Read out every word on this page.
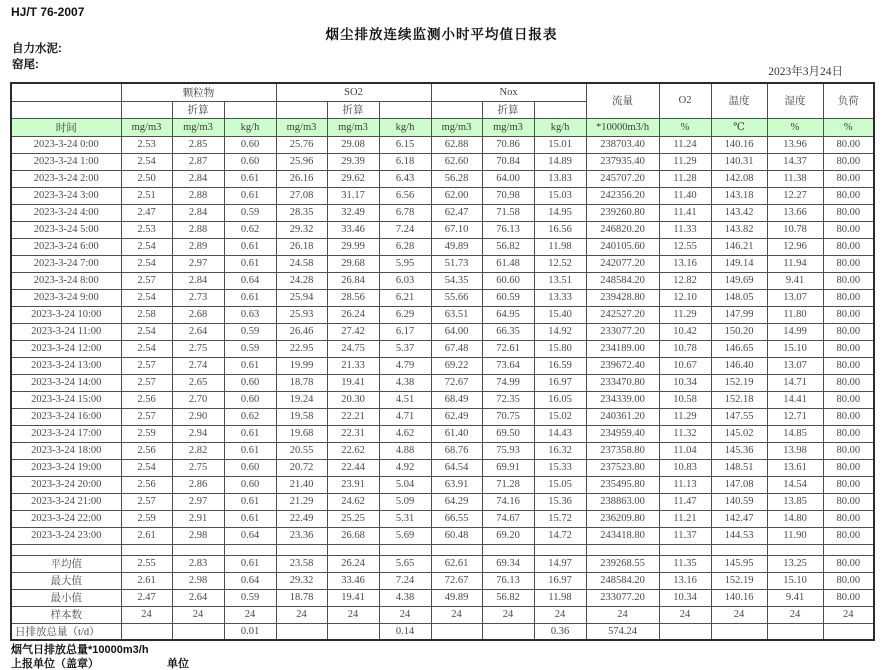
HJ/T 76-2007
烟尘排放连续监测小时平均值日报表
自力水泥:
窑尾:
2023年3月24日
	颗粒物			SO2			Nox			流量	O2	温度	湿度	负荷
		折算			折算			折算						
时间	mg/m3	mg/m3	kg/h	mg/m3	mg/m3	kg/h	mg/m3	mg/m3	kg/h	*10000m3/h	%	℃	%	%
2023-3-24 0:00	2.53	2.85	0.60	25.76	29.08	6.15	62.88	70.86	15.01	238703.40	11.24	140.16	13.96	80.00
2023-3-24 1:00	2.54	2.87	0.60	25.96	29.39	6.18	62.60	70.84	14.89	237935.40	11.29	140.31	14.37	80.00
2023-3-24 2:00	2.50	2.84	0.61	26.16	29.62	6.43	56.28	64.00	13.83	245707.20	11.28	142.08	11.38	80.00
2023-3-24 3:00	2.51	2.88	0.61	27.08	31.17	6.56	62.00	70.98	15.03	242356.20	11.40	143.18	12.27	80.00
2023-3-24 4:00	2.47	2.84	0.59	28.35	32.49	6.78	62.47	71.58	14.95	239260.80	11.41	143.42	13.66	80.00
2023-3-24 5:00	2.53	2.88	0.62	29.32	33.46	7.24	67.10	76.13	16.56	246820.20	11.33	143.82	10.78	80.00
2023-3-24 6:00	2.54	2.89	0.61	26.18	29.99	6.28	49.89	56.82	11.98	240105.60	12.55	146.21	12.96	80.00
2023-3-24 7:00	2.54	2.97	0.61	24.58	29.68	5.95	51.73	61.48	12.52	242077.20	13.16	149.14	11.94	80.00
2023-3-24 8:00	2.57	2.84	0.64	24.28	26.84	6.03	54.35	60.60	13.51	248584.20	12.82	149.69	9.41	80.00
2023-3-24 9:00	2.54	2.73	0.61	25.94	28.56	6.21	55.66	60.59	13.33	239428.80	12.10	148.05	13.07	80.00
2023-3-24 10:00	2.58	2.68	0.63	25.93	26.24	6.29	63.51	64.95	15.40	242527.20	11.29	147.99	11.80	80.00
2023-3-24 11:00	2.54	2.64	0.59	26.46	27.42	6.17	64.00	66.35	14.92	233077.20	10.42	150.20	14.99	80.00
2023-3-24 12:00	2.54	2.75	0.59	22.95	24.75	5.37	67.48	72.61	15.80	234189.00	10.78	146.65	15.10	80.00
2023-3-24 13:00	2.57	2.74	0.61	19.99	21.33	4.79	69.22	73.64	16.59	239672.40	10.67	146.40	13.07	80.00
2023-3-24 14:00	2.57	2.65	0.60	18.78	19.41	4.38	72.67	74.99	16.97	233470.80	10.34	152.19	14.71	80.00
2023-3-24 15:00	2.56	2.70	0.60	19.24	20.30	4.51	68.49	72.35	16.05	234339.00	10.58	152.18	14.41	80.00
2023-3-24 16:00	2.57	2.90	0.62	19.58	22.21	4.71	62.49	70.75	15.02	240361.20	11.29	147.55	12.71	80.00
2023-3-24 17:00	2.59	2.94	0.61	19.68	22.31	4.62	61.40	69.50	14.43	234959.40	11.32	145.02	14.85	80.00
2023-3-24 18:00	2.56	2.82	0.61	20.55	22.62	4.88	68.76	75.93	16.32	237358.80	11.04	145.36	13.98	80.00
2023-3-24 19:00	2.54	2.75	0.60	20.72	22.44	4.92	64.54	69.91	15.33	237523.80	10.83	148.51	13.61	80.00
2023-3-24 20:00	2.56	2.86	0.60	21.40	23.91	5.04	63.91	71.28	15.05	235495.80	11.13	147.08	14.54	80.00
2023-3-24 21:00	2.57	2.97	0.61	21.29	24.62	5.09	64.29	74.16	15.36	238863.00	11.47	140.59	13.85	80.00
2023-3-24 22:00	2.59	2.91	0.61	22.49	25.25	5.31	66.55	74.67	15.72	236209.80	11.21	142.47	14.80	80.00
2023-3-24 23:00	2.61	2.98	0.64	23.36	26.68	5.69	60.48	69.20	14.72	243418.80	11.37	144.53	11.90	80.00

平均值	2.55	2.83	0.61	23.58	26.24	5.65	62.61	69.34	14.97	239268.55	11.35	145.95	13.25	80.00
最大值	2.61	2.98	0.64	29.32	33.46	7.24	72.67	76.13	16.97	248584.20	13.16	152.19	15.10	80.00
最小值	2.47	2.64	0.59	18.78	19.41	4.38	49.89	56.82	11.98	233077.20	10.34	140.16	9.41	80.00
样本数	24	24	24	24	24	24	24	24	24	24	24	24	24	24
日排放总量（t/d）			0.01			0.14			0.36	574.24				
烟气日排放总量*10000m3/h
上报单位（盖章）	单位
